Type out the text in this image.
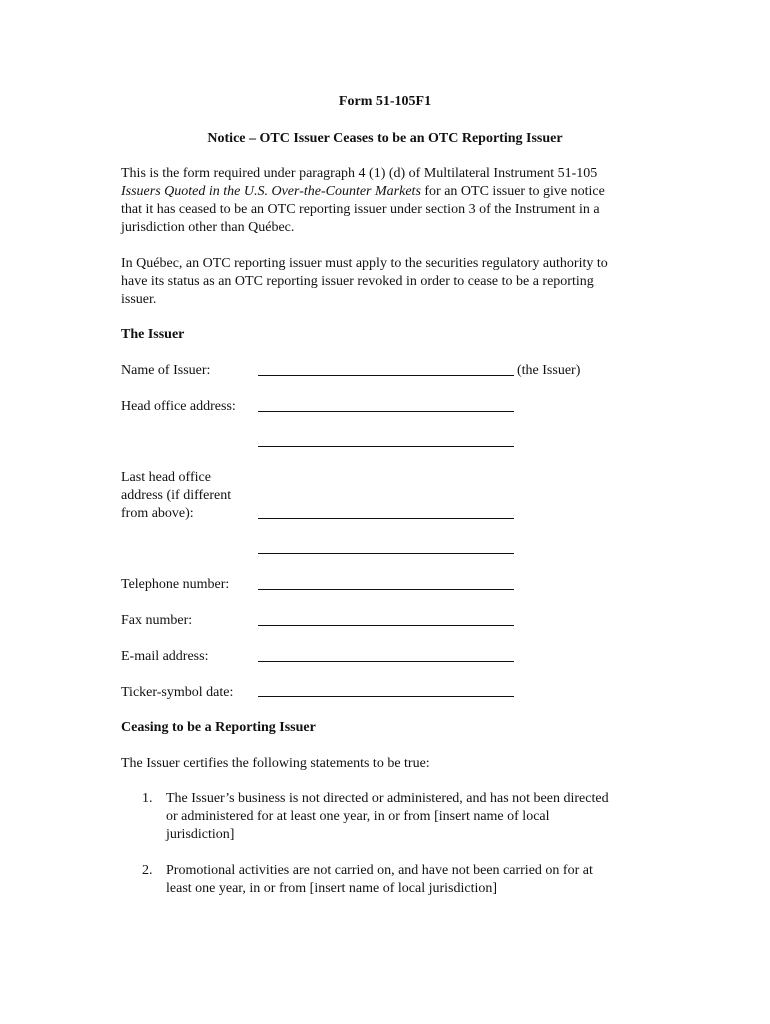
Form 51-105F1
Notice – OTC Issuer Ceases to be an OTC Reporting Issuer

This is the form required under paragraph 4 (1) (d) of Multilateral Instrument 51-105

Issuers Quoted in the U.S. Over-the-Counter Markets for an OTC issuer to give notice

that it has ceased to be an OTC reporting issuer under section 3 of the Instrument in a

jurisdiction other than Québec.

In Québec, an OTC reporting issuer must apply to the securities regulatory authority to

have its status as an OTC reporting issuer revoked in order to cease to be a reporting

issuer.

The Issuer
Name of Issuer:	(the Issuer)
Head office address:
Last head office
address (if different
from above):
Telephone number:
Fax number:
E-mail address:
Ticker-symbol date:
Ceasing to be a Reporting Issuer
The Issuer certifies the following statements to be true:
1. The Issuer’s business is not directed or administered, and has not been directed

or administered for at least one year, in or from [insert name of local

jurisdiction]

2. Promotional activities are not carried on, and have not been carried on for at

least one year, in or from [insert name of local jurisdiction]
